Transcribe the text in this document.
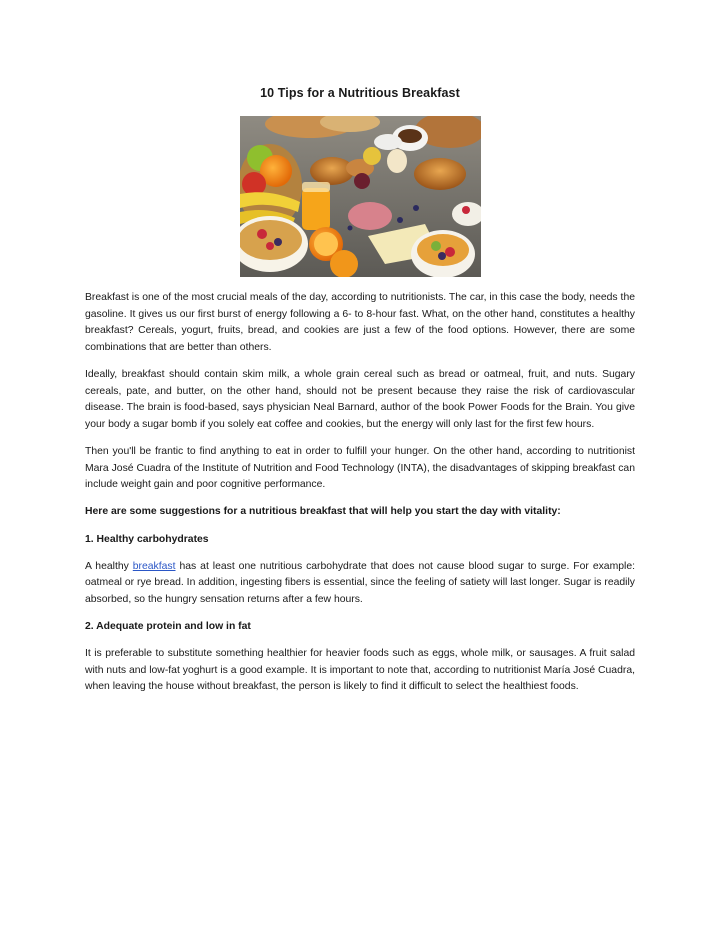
10 Tips for a Nutritious Breakfast

Breakfast is one of the most crucial meals of the day, according to nutritionists. The car, in this case the body, needs the gasoline. It gives us our first burst of energy following a 6- to 8-hour fast. What, on the other hand, constitutes a healthy breakfast? Cereals, yogurt, fruits, bread, and cookies are just a few of the food options. However, there are some combinations that are better than others.

Ideally, breakfast should contain skim milk, a whole grain cereal such as bread or oatmeal, fruit, and nuts. Sugary cereals, pate, and butter, on the other hand, should not be present because they raise the risk of cardiovascular disease. The brain is food-based, says physician Neal Barnard, author of the book Power Foods for the Brain. You give your body a sugar bomb if you solely eat coffee and cookies, but the energy will only last for the first few hours.

Then you'll be frantic to find anything to eat in order to fulfill your hunger. On the other hand, according to nutritionist Mara José Cuadra of the Institute of Nutrition and Food Technology (INTA), the disadvantages of skipping breakfast can include weight gain and poor cognitive performance.

Here are some suggestions for a nutritious breakfast that will help you start the day with vitality:

1. Healthy carbohydrates

A healthy breakfast has at least one nutritious carbohydrate that does not cause blood sugar to surge. For example: oatmeal or rye bread. In addition, ingesting fibers is essential, since the feeling of satiety will last longer. Sugar is readily absorbed, so the hungry sensation returns after a few hours.

2. Adequate protein and low in fat

It is preferable to substitute something healthier for heavier foods such as eggs, whole milk, or sausages. A fruit salad with nuts and low-fat yoghurt is a good example. It is important to note that, according to nutritionist María José Cuadra, when leaving the house without breakfast, the person is likely to find it difficult to select the healthiest foods.
